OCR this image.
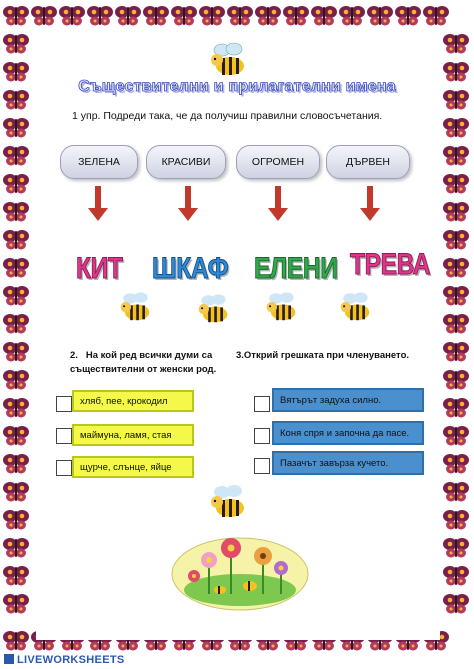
Съществителни и прилагателни имена
1 упр. Подреди така, че да получиш правилни словосъчетания.
ЗЕЛЕНА	КРАСИВИ	ОГРОМЕН	ДЪРВЕН
КИТ ШКАФ ЕЛЕНИ ТРЕВА
2. На кой ред всички думи са
съществителни от женски род.
3.Открий грешката при членуването.
хляб, пее, крокодил
маймуна, ламя, стая
щурче, слънце, яйце
Вятърът задуха силно.
Коня спря и започна да пасе.
Пазачът завърза кучето.
LIVEWORKSHEETS
